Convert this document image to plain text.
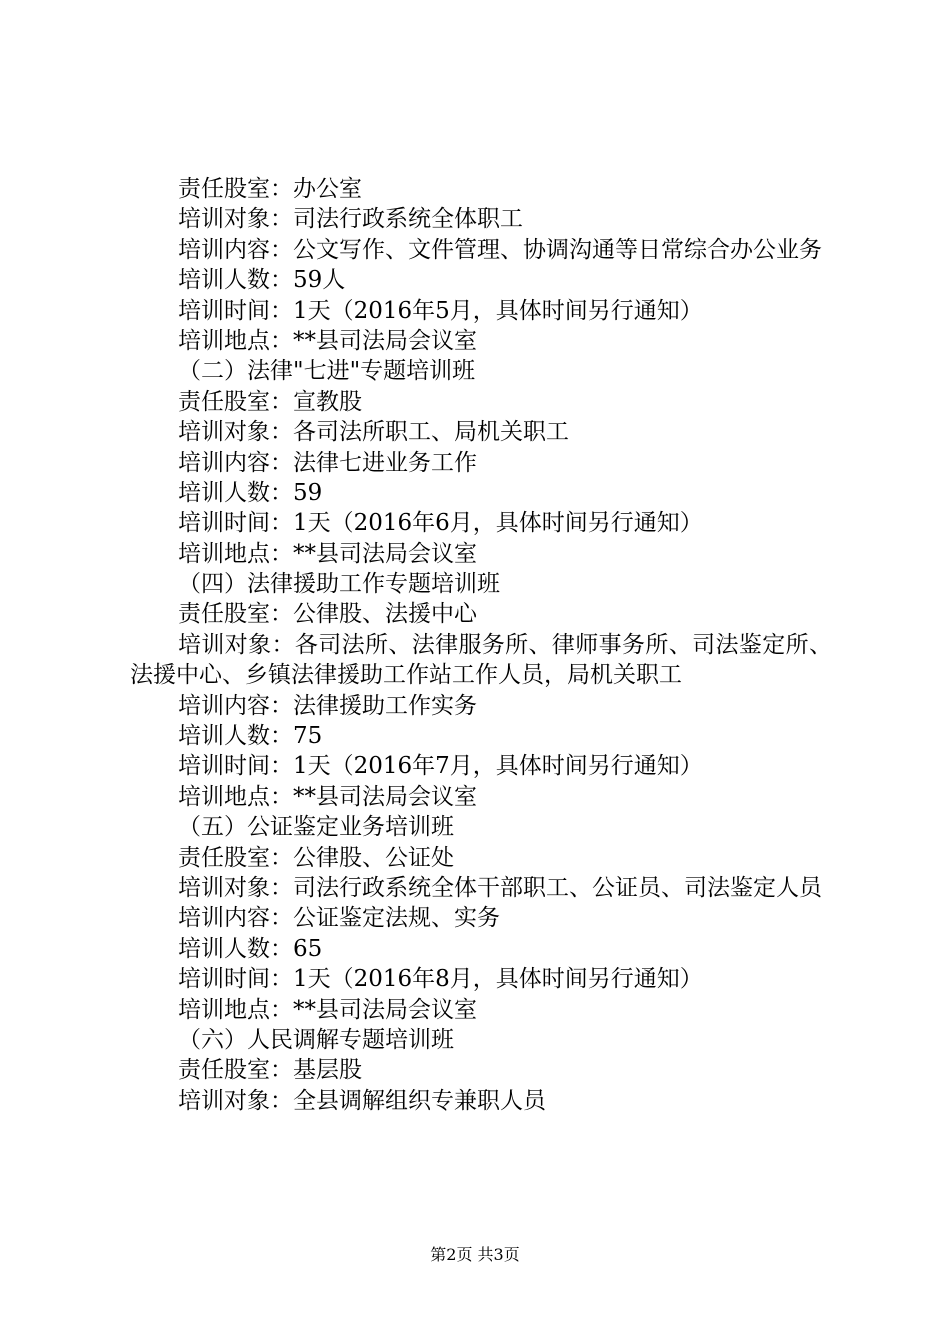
责任股室：办公室
培训对象：司法行政系统全体职工
培训内容：公文写作、文件管理、协调沟通等日常综合办公业务
培训人数：59人
培训时间：1天（2016年5月，具体时间另行通知）
培训地点：**县司法局会议室
（二）法律"七进"专题培训班
责任股室：宣教股
培训对象：各司法所职工、局机关职工
培训内容：法律七进业务工作
培训人数：59
培训时间：1天（2016年6月，具体时间另行通知）
培训地点：**县司法局会议室
（四）法律援助工作专题培训班
责任股室：公律股、法援中心
培训对象：各司法所、法律服务所、律师事务所、司法鉴定所、法援中心、乡镇法律援助工作站工作人员，局机关职工
培训内容：法律援助工作实务
培训人数：75
培训时间：1天（2016年7月，具体时间另行通知）
培训地点：**县司法局会议室
（五）公证鉴定业务培训班
责任股室：公律股、公证处
培训对象：司法行政系统全体干部职工、公证员、司法鉴定人员
培训内容：公证鉴定法规、实务
培训人数：65
培训时间：1天（2016年8月，具体时间另行通知）
培训地点：**县司法局会议室
（六）人民调解专题培训班
责任股室：基层股
培训对象：全县调解组织专兼职人员
第2页 共3页
